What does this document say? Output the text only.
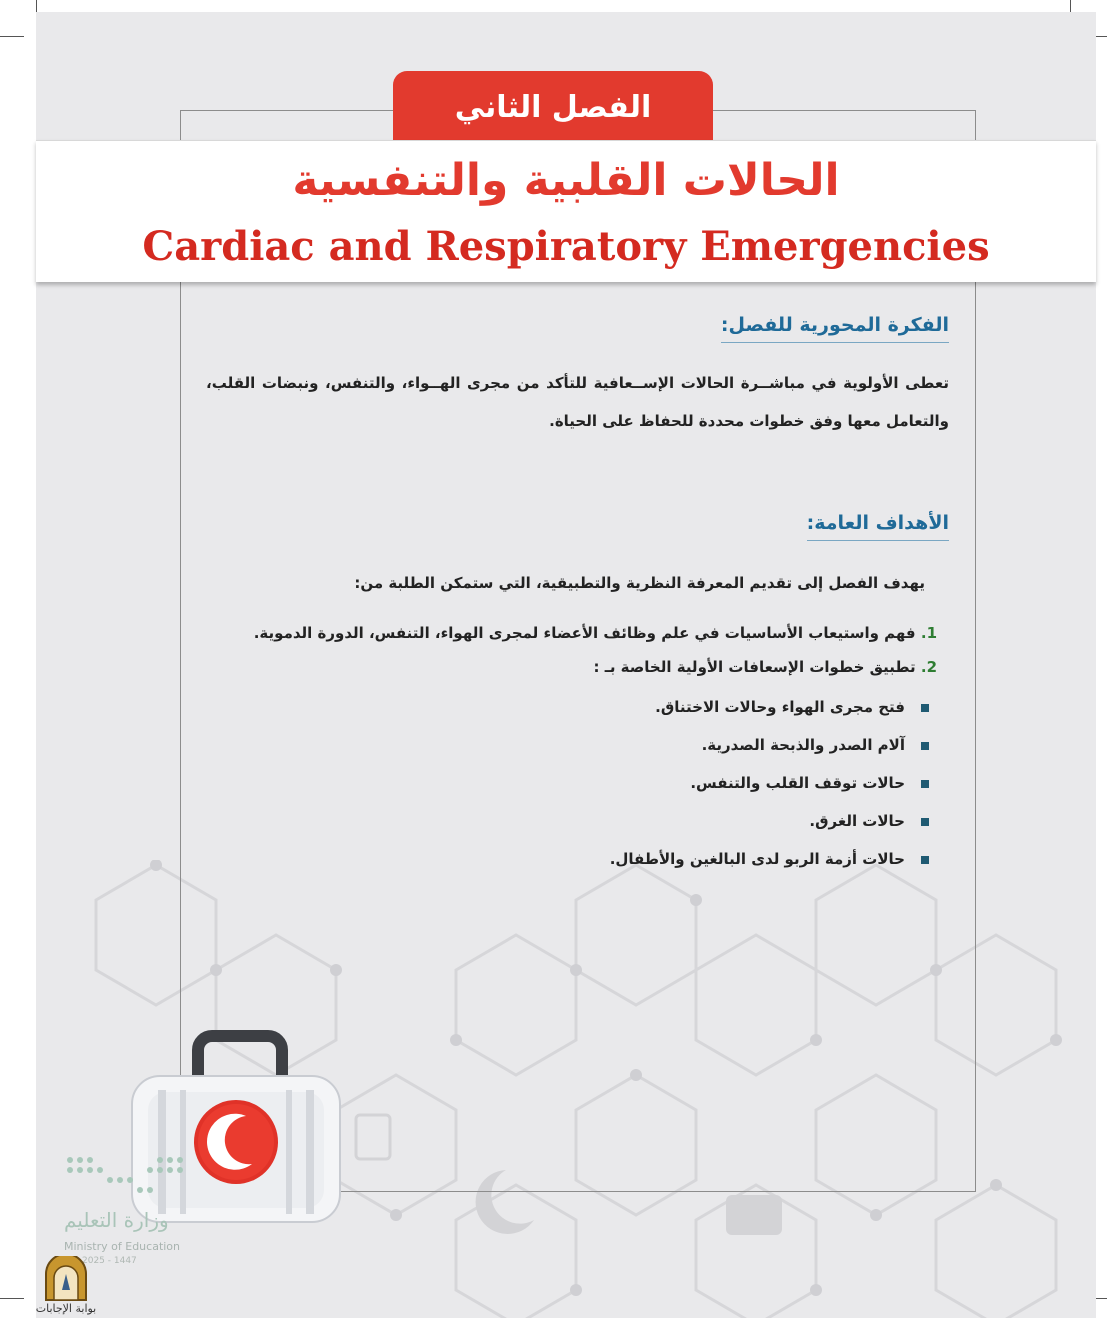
الفصل الثاني
الحالات القلبية والتنفسية
Cardiac and Respiratory Emergencies
الفكرة المحورية للفصل:
تعطى الأولوية في مباشــرة الحالات الإســعافية للتأكد من مجرى الهــواء، والتنفس، ونبضات القلب، والتعامل معها وفق خطوات محددة للحفاظ على الحياة.
الأهداف العامة:
يهدف الفصل إلى تقديم المعرفة النظرية والتطبيقية، التي ستمكن الطلبة من:
1. فهم واستيعاب الأساسيات في علم وظائف الأعضاء لمجرى الهواء، التنفس، الدورة الدموية.
2. تطبيق خطوات الإسعافات الأولية الخاصة بـ :
فتح مجرى الهواء وحالات الاختناق.
آلام الصدر والذبحة الصدرية.
حالات توقف القلب والتنفس.
حالات الغرق.
حالات أزمة الربو لدى البالغين والأطفال.
وزارة التعليم
Ministry of Education
2025 - 1447
بوابة الإجابات
